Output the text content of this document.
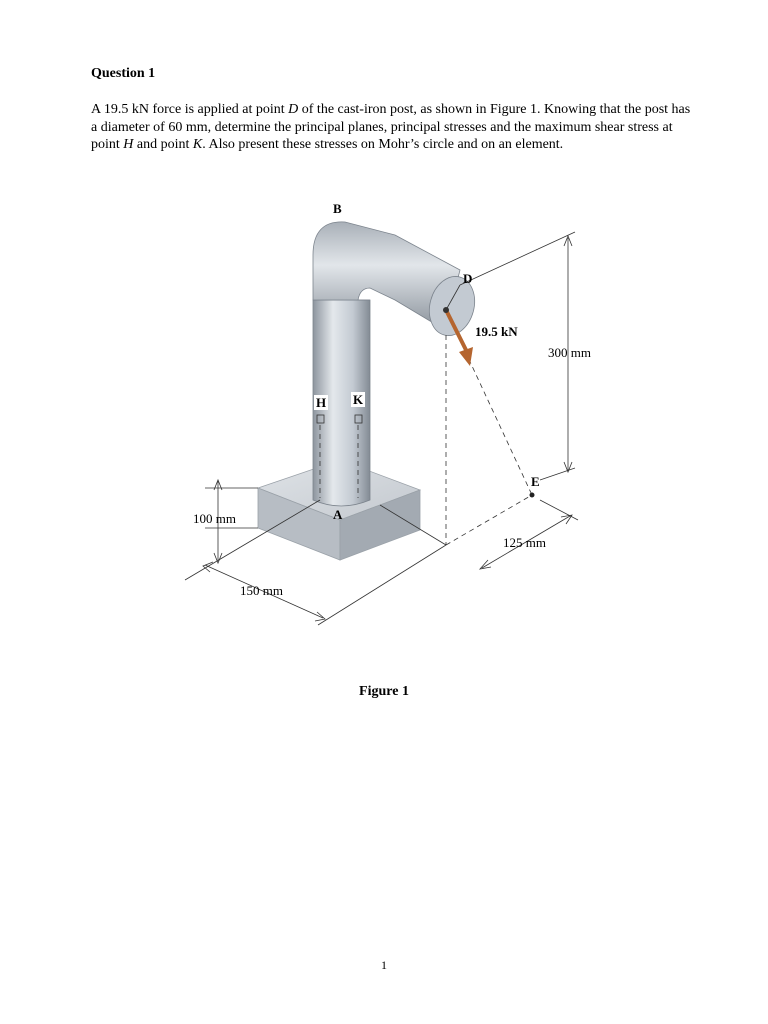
Question 1
A 19.5 kN force is applied at point D of the cast-iron post, as shown in Figure 1. Knowing that the post has a diameter of 60 mm, determine the principal planes, principal stresses and the maximum shear stress at point H and point K. Also present these stresses on Mohr’s circle and on an element.
B
D
19.5 kN
300 mm
H K
E
A
100 mm
125 mm
150 mm
Figure 1
1
